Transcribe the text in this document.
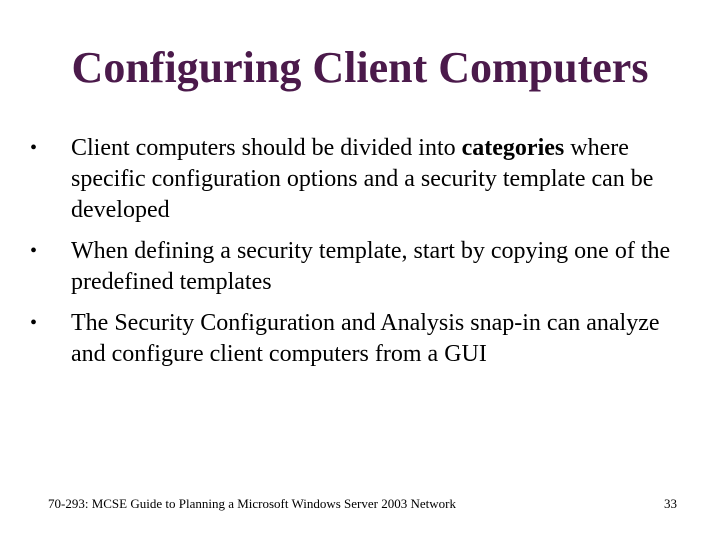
Configuring Client Computers
•	Client computers should be divided into categories where specific configuration options and a security template can be developed
•	When defining a security template, start by copying one of the predefined templates
•	The Security Configuration and Analysis snap-in can analyze and configure client computers from a GUI
70-293: MCSE Guide to Planning a Microsoft Windows Server 2003 Network	33
